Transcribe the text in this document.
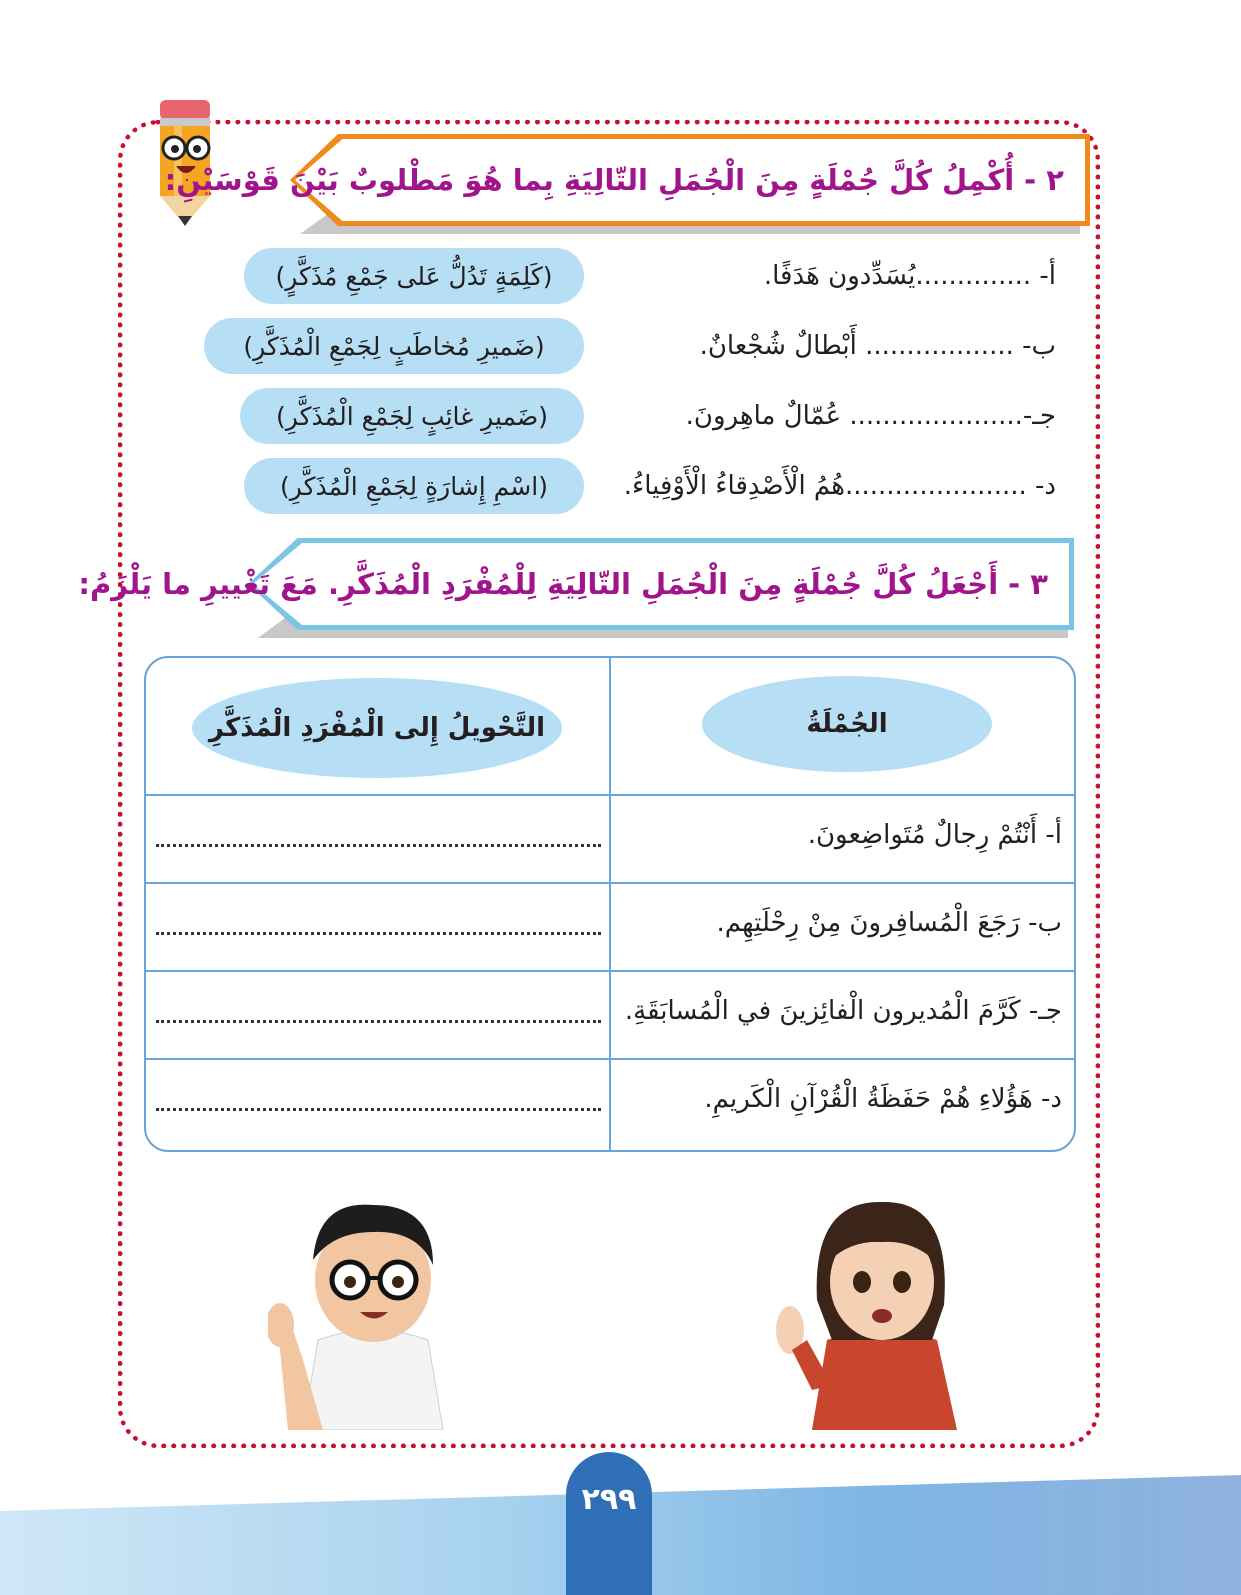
٢ -
أُكْمِلُ كُلَّ جُمْلَةٍ مِنَ الْجُمَلِ التّالِيَةِ بِما هُوَ مَطْلوبٌ بَيْنَ قَوْسَيْنِ:
أ- ..............يُسَدِّدون هَدَفًا.
(كَلِمَةٍ تَدُلُّ عَلى جَمْعِ مُذَكَّرٍ)
ب- .................. أَبْطالٌ شُجْعانٌ.
(ضَميرِ مُخاطَبٍ لِجَمْعِ الْمُذَكَّرِ)
جـ-..................... عُمّالٌ ماهِرونَ.
(ضَميرِ غائِبٍ لِجَمْعِ الْمُذَكَّرِ)
د- ......................هُمُ الْأَصْدِقاءُ الْأَوْفِياءُ.
(اسْمِ إِشارَةٍ لِجَمْعِ الْمُذَكَّرِ)
٣ -
أَجْعَلُ كُلَّ جُمْلَةٍ مِنَ الْجُمَلِ التّالِيَةِ لِلْمُفْرَدِ الْمُذَكَّرِ. مَعَ تَغْييرِ ما يَلْزَمُ:
الجُمْلَةُ
التَّحْويلُ إِلى الْمُفْرَدِ الْمُذَكَّرِ
أ- أَنْتُمْ رِجالٌ مُتَواضِعونَ.
ب- رَجَعَ الْمُسافِرونَ مِنْ رِحْلَتِهِم.
جـ- كَرَّمَ الْمُديرون الْفائِزينَ في الْمُسابَقَةِ.
د- هَؤُلاءِ هُمْ حَفَظَةُ الْقُرْآنِ الْكَريمِ.
٢٩٩
